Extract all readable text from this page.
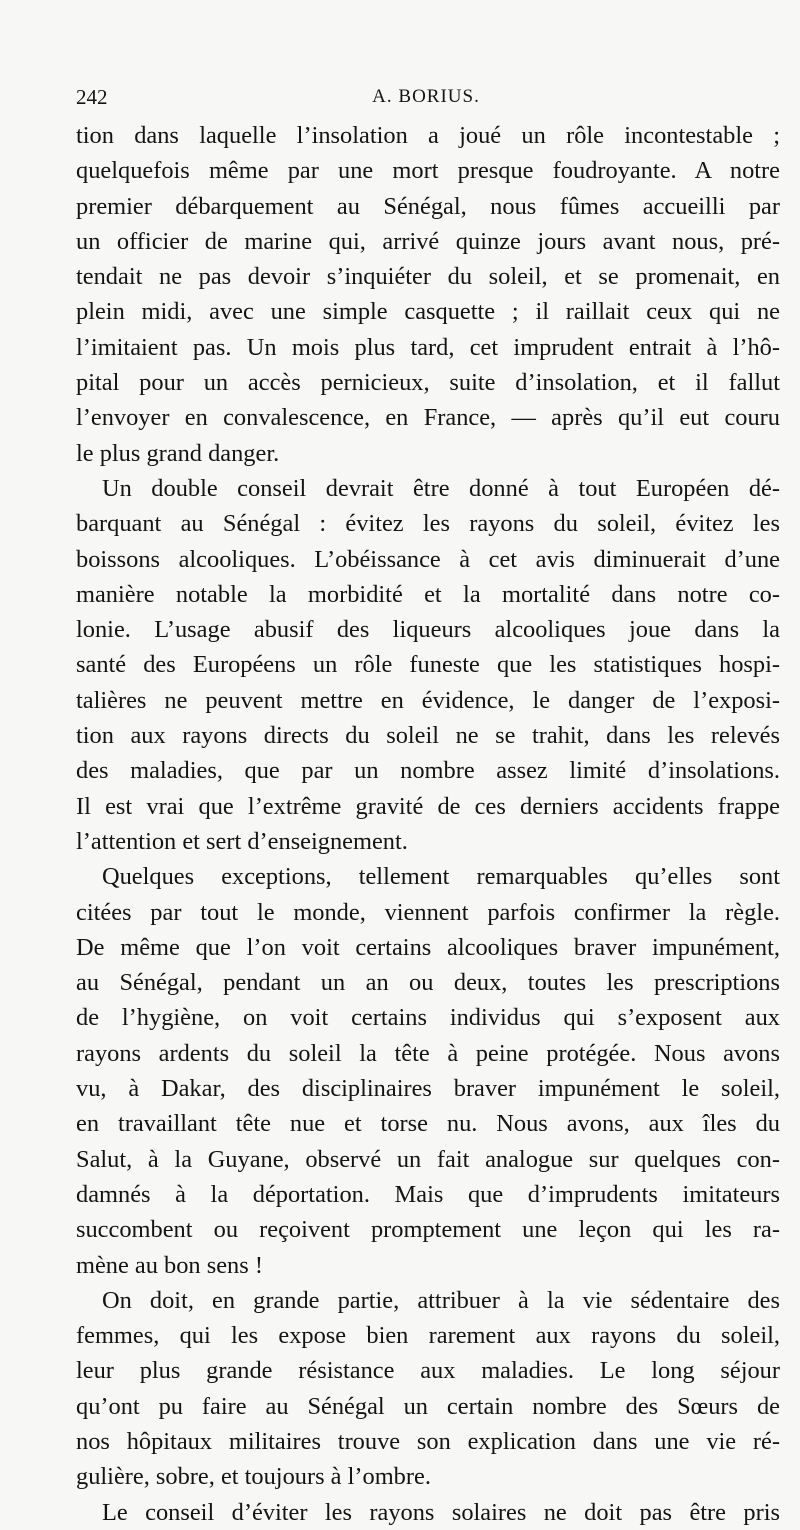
242	A. BORIUS.
tion dans laquelle l’insolation a joué un rôle incontestable ;
quelquefois même par une mort presque foudroyante. A notre
premier débarquement au Sénégal, nous fûmes accueilli par
un officier de marine qui, arrivé quinze jours avant nous, pré-
tendait ne pas devoir s’inquiéter du soleil, et se promenait, en
plein midi, avec une simple casquette ; il raillait ceux qui ne
l’imitaient pas. Un mois plus tard, cet imprudent entrait à l’hô-
pital pour un accès pernicieux, suite d’insolation, et il fallut
l’envoyer en convalescence, en France, — après qu’il eut couru
le plus grand danger.
Un double conseil devrait être donné à tout Européen dé-
barquant au Sénégal : évitez les rayons du soleil, évitez les
boissons alcooliques. L’obéissance à cet avis diminuerait d’une
manière notable la morbidité et la mortalité dans notre co-
lonie. L’usage abusif des liqueurs alcooliques joue dans la
santé des Européens un rôle funeste que les statistiques hospi-
talières ne peuvent mettre en évidence, le danger de l’exposi-
tion aux rayons directs du soleil ne se trahit, dans les relevés
des maladies, que par un nombre assez limité d’insolations.
Il est vrai que l’extrême gravité de ces derniers accidents frappe
l’attention et sert d’enseignement.
Quelques exceptions, tellement remarquables qu’elles sont
citées par tout le monde, viennent parfois confirmer la règle.
De même que l’on voit certains alcooliques braver impunément,
au Sénégal, pendant un an ou deux, toutes les prescriptions
de l’hygiène, on voit certains individus qui s’exposent aux
rayons ardents du soleil la tête à peine protégée. Nous avons
vu, à Dakar, des disciplinaires braver impunément le soleil,
en travaillant tête nue et torse nu. Nous avons, aux îles du
Salut, à la Guyane, observé un fait analogue sur quelques con-
damnés à la déportation. Mais que d’imprudents imitateurs
succombent ou reçoivent promptement une leçon qui les ra-
mène au bon sens !
On doit, en grande partie, attribuer à la vie sédentaire des
femmes, qui les expose bien rarement aux rayons du soleil,
leur plus grande résistance aux maladies. Le long séjour
qu’ont pu faire au Sénégal un certain nombre des Sœurs de
nos hôpitaux militaires trouve son explication dans une vie ré-
gulière, sobre, et toujours à l’ombre.
Le conseil d’éviter les rayons solaires ne doit pas être pris
